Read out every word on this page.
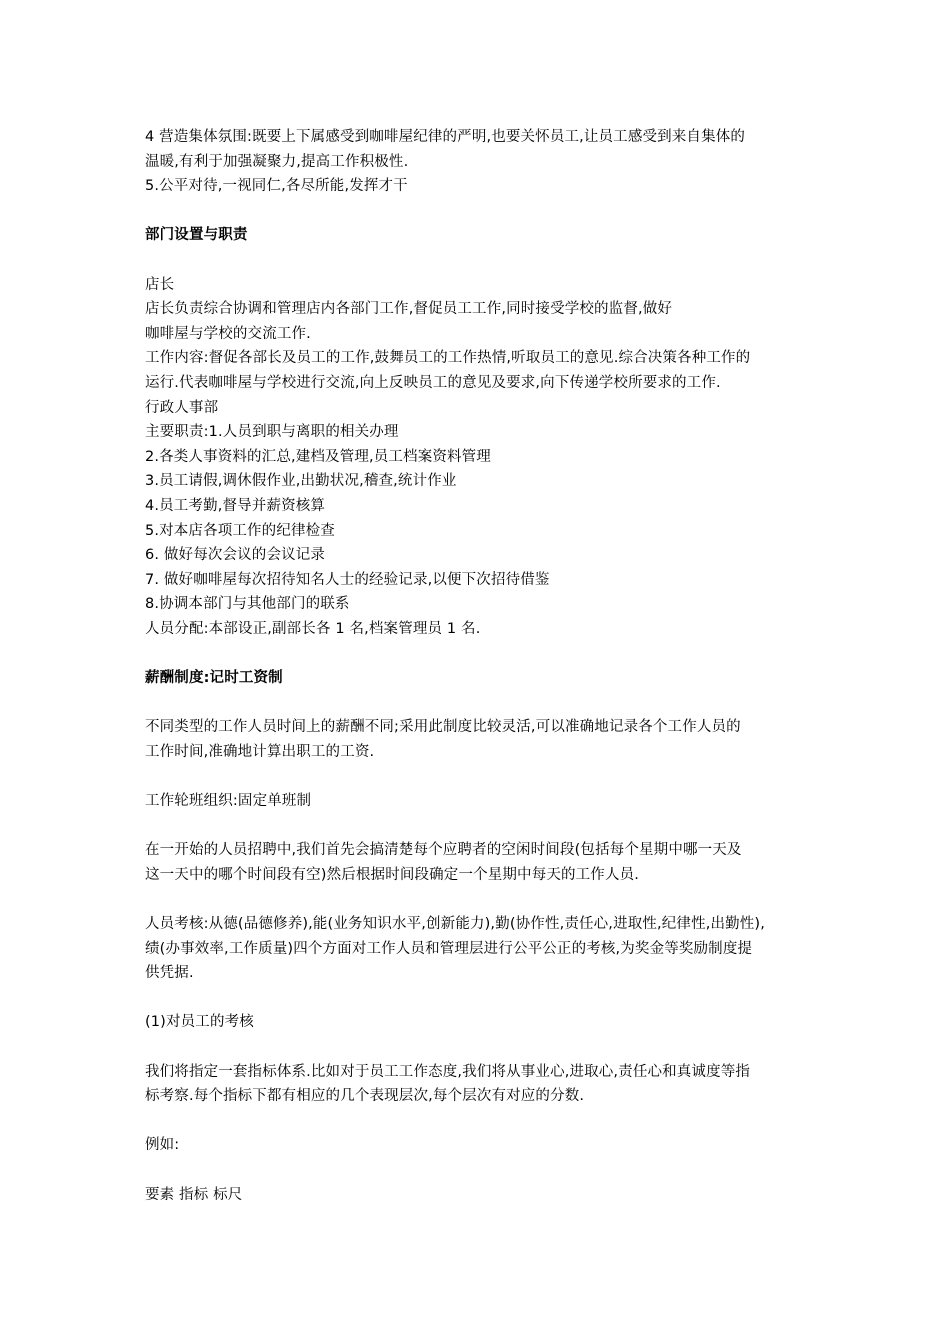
4 营造集体氛围:既要上下属感受到咖啡屋纪律的严明,也要关怀员工,让员工感受到来自集体的
温暖,有利于加强凝聚力,提高工作积极性.
5.公平对待,一视同仁,各尽所能,发挥才干
部门设置与职责
店长
店长负责综合协调和管理店内各部门工作,督促员工工作,同时接受学校的监督,做好
咖啡屋与学校的交流工作.
工作内容:督促各部长及员工的工作,鼓舞员工的工作热情,听取员工的意见.综合决策各种工作的
运行.代表咖啡屋与学校进行交流,向上反映员工的意见及要求,向下传递学校所要求的工作.
行政人事部
主要职责:1.人员到职与离职的相关办理
2.各类人事资料的汇总,建档及管理,员工档案资料管理
3.员工请假,调休假作业,出勤状况,稽查,统计作业
4.员工考勤,督导并薪资核算
5.对本店各项工作的纪律检查
6. 做好每次会议的会议记录
7. 做好咖啡屋每次招待知名人士的经验记录,以便下次招待借鉴
8.协调本部门与其他部门的联系
人员分配:本部设正,副部长各 1 名,档案管理员 1 名.
薪酬制度:记时工资制
不同类型的工作人员时间上的薪酬不同;采用此制度比较灵活,可以准确地记录各个工作人员的
工作时间,准确地计算出职工的工资.
工作轮班组织:固定单班制
在一开始的人员招聘中,我们首先会搞清楚每个应聘者的空闲时间段(包括每个星期中哪一天及
这一天中的哪个时间段有空)然后根据时间段确定一个星期中每天的工作人员.
人员考核:从德(品德修养),能(业务知识水平,创新能力),勤(协作性,责任心,进取性,纪律性,出勤性),
绩(办事效率,工作质量)四个方面对工作人员和管理层进行公平公正的考核,为奖金等奖励制度提
供凭据.
(1)对员工的考核
我们将指定一套指标体系.比如对于员工工作态度,我们将从事业心,进取心,责任心和真诚度等指
标考察.每个指标下都有相应的几个表现层次,每个层次有对应的分数.
例如:
要素 指标 标尺
